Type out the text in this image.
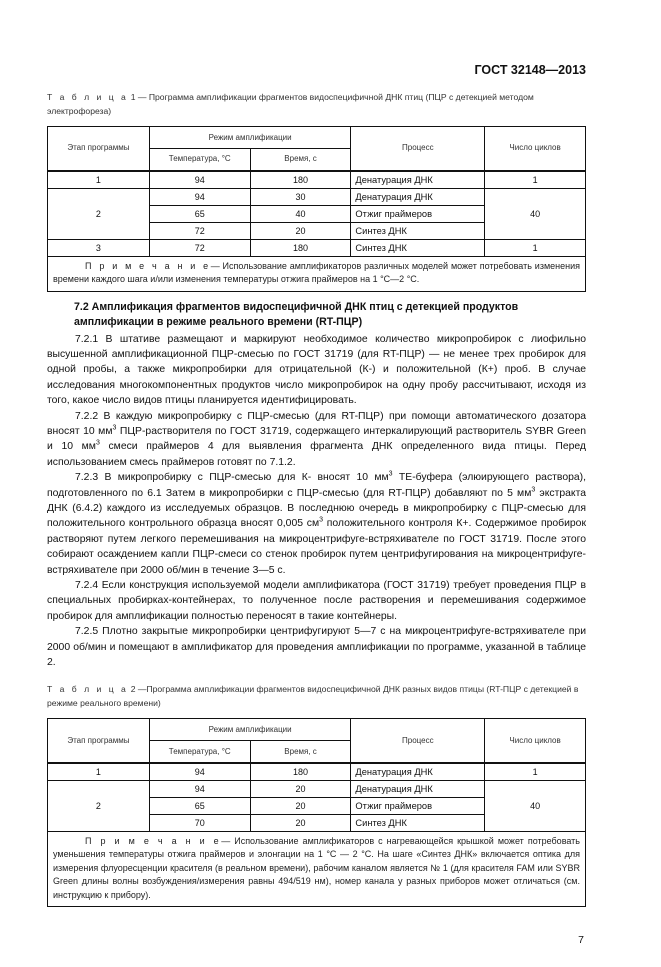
ГОСТ 32148—2013
Т а б л и ц а 1 — Программа амплификации фрагментов видоспецифичной ДНК птиц (ПЦР с детекцией методом электрофореза)
Этап программы	Режим амплификации		Процесс	Число циклов
	Температура, °С	Время, с		
1	94	180	Денатурация ДНК	1
2	94	30	Денатурация ДНК	40
	65	40	Отжиг праймеров	
	72	20	Синтез ДНК	
3	72	180	Синтез ДНК	1
П р и м е ч а н и е— Использование амплификаторов различных моделей может потребовать изменения времени каждого шага и/или изменения температуры отжига праймеров на 1 °С—2 °С.				
7.2 Амплификация фрагментов видоспецифичной ДНК птиц с детекцией продуктов амплификации в режиме реального времени (RT-ПЦР)

7.2.1 В штативе размещают и маркируют необходимое количество микропробирок с лиофильно высушенной амплификационной ПЦР-смесью по ГОСТ 31719 (для RT-ПЦР) — не менее трех пробирок для одной пробы, а также микропробирки для отрицательной (К-) и положительной (К+) проб. В случае исследования многокомпонентных продуктов число микропробирок на одну пробу рассчитывают, исходя из того, какое число видов птицы планируется идентифицировать.

7.2.2 В каждую микропробирку с ПЦР-смесью (для RT-ПЦР) при помощи автоматического дозатора вносят 10 $мм^3$ ПЦР-растворителя по ГОСТ 31719, содержащего интеркалирующий растворитель SYBR Green и 10 $мм^3$ смеси праймеров 4 для выявления фрагмента ДНК определенного вида птицы. Перед использованием смесь праймеров готовят по 7.1.2.

7.2.3 В микропробирку с ПЦР-смесью для К- вносят 10 $мм^3$ ТЕ-буфера (элюирующего раствора), подготовленного по 6.1 Затем в микропробирки с ПЦР-смесью (для RT-ПЦР) добавляют по 5 $мм^3$ экстракта ДНК (6.4.2) каждого из исследуемых образцов. В последнюю очередь в микропробирку с ПЦР-смесью для положительного контрольного образца вносят 0,005 $см^3$ положительного контроля К+. Содержимое пробирок растворяют путем легкого перемешивания на микроцентрифуге-встряхивателе по ГОСТ 31719. После этого собирают осаждением капли ПЦР-смеси со стенок пробирок путем центрифугирования на микроцентрифуге-встряхивателе при 2000 об/мин в течение 3—5 с.

7.2.4 Если конструкция используемой модели амплификатора (ГОСТ 31719) требует проведения ПЦР в специальных пробирках-контейнерах, то полученное после растворения и перемешивания содержимое пробирок для амплификации полностью переносят в такие контейнеры.

7.2.5 Плотно закрытые микропробирки центрифугируют 5—7 с на микроцентрифуге-встряхивателе при 2000 об/мин и помещают в амплификатор для проведения амплификации по программе, указанной в таблице 2.

Т а б л и ц а 2 —Программа амплификации фрагментов видоспецифичной ДНК разных видов птицы (RT-ПЦР с детекцией в режиме реального времени)
Этап программы	Режим амплификации		Процесс	Число циклов
	Температура, °С	Время, с		
1	94	180	Денатурация ДНК	1
2	94	20	Денатурация ДНК	40
	65	20	Отжиг праймеров	
	70	20	Синтез ДНК	
П р и м е ч а н и е— Использование амплификаторов с нагревающейся крышкой может потребовать уменьшения температуры отжига праймеров и элонгации на 1 °С — 2 °С. На шаге «Синтез ДНК» включается оптика для измерения флуоресценции красителя (в реальном времени), рабочим каналом является № 1 (для красителя FAM или SYBR Green длины волны возбуждения/измерения равны 494/519 нм), номер канала у разных приборов может отличаться (см. инструкцию к прибору).				
7
